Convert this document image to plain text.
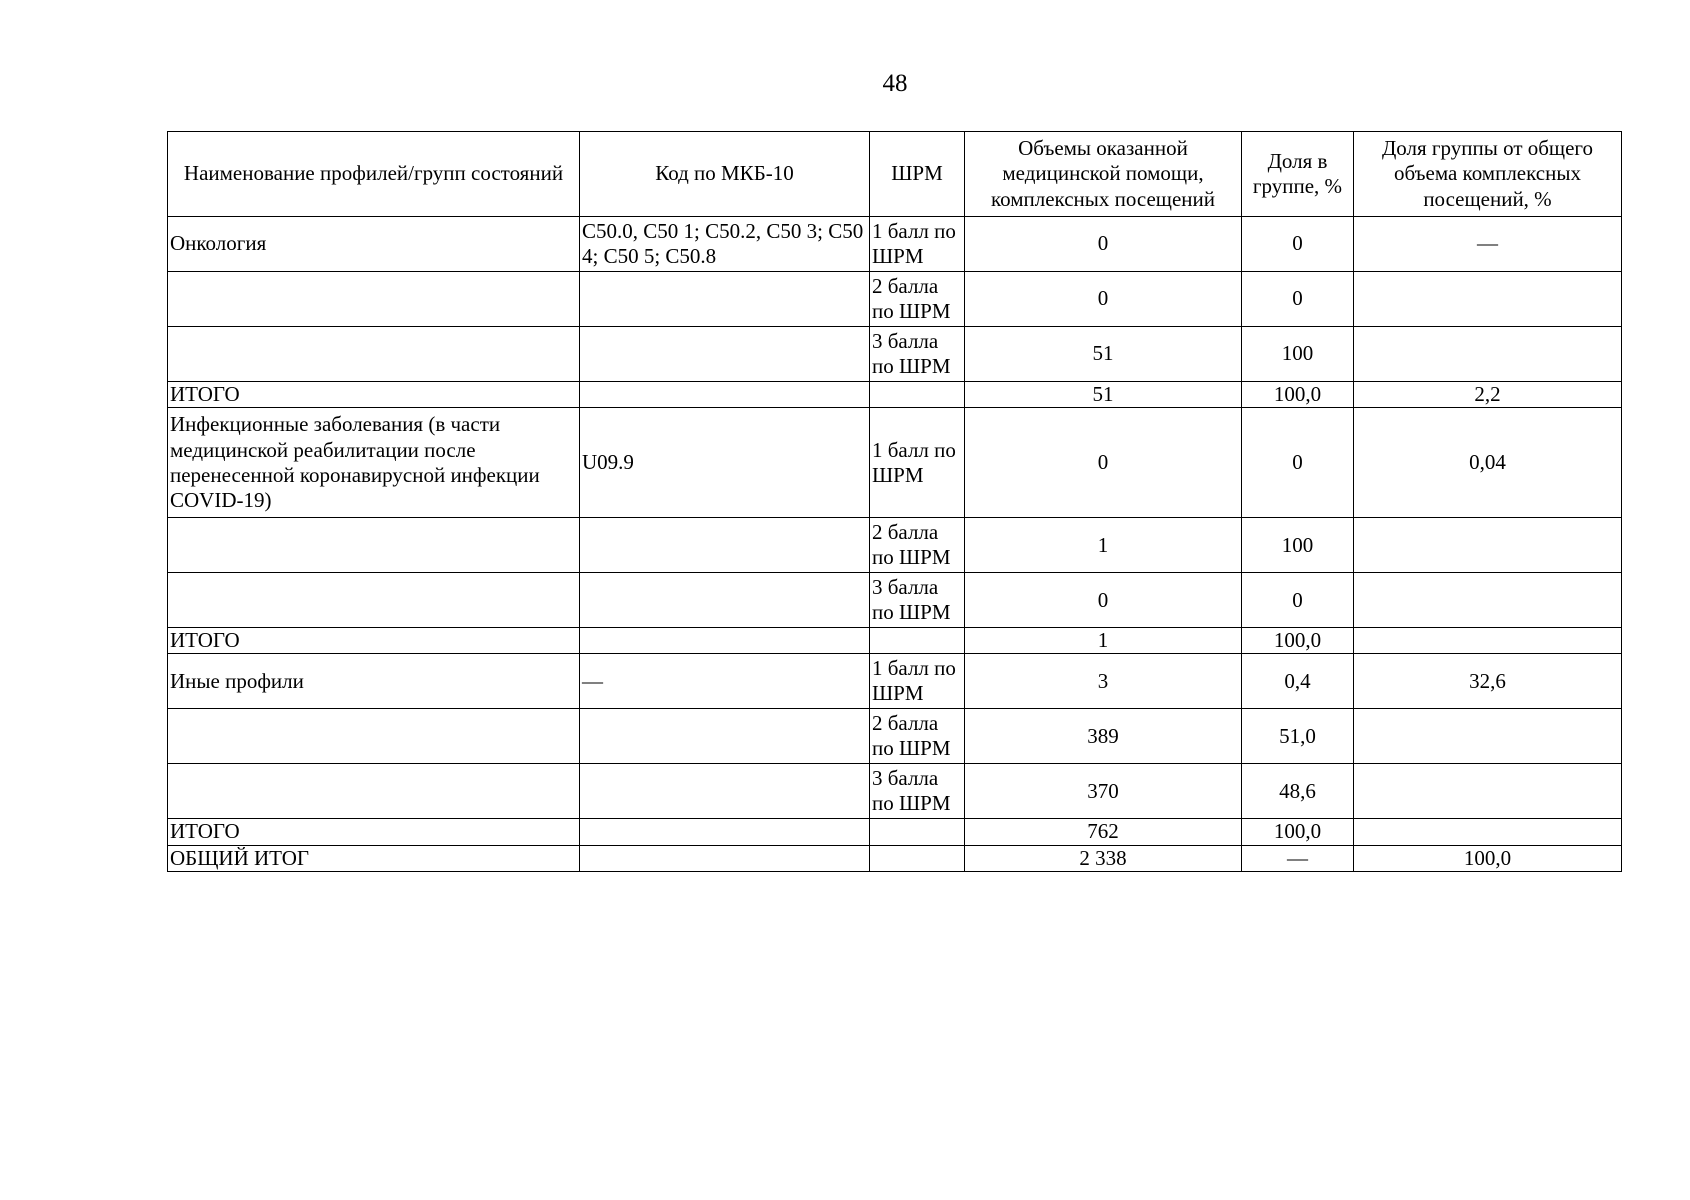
48
Наименование профилей/групп состояний	Код по МКБ-10	ШРМ	Объемы оказанной медицинской помощи, комплексных посещений	Доля в группе, %	Доля группы от общего объема комплексных посещений, %
Онкология	С50.0, С50 1; С50.2, С50 3; С50 4; С50 5; С50.8	1 балл по ШРМ	0	0	—
		2 балла по ШРМ	0	0	
		3 балла по ШРМ	51	100	
ИТОГО			51	100,0	2,2
Инфекционные заболевания (в части медицинской реабилитации после перенесенной коронавирусной инфекции COVID-19)	U09.9	1 балл по ШРМ	0	0	0,04
		2 балла по ШРМ	1	100	
		3 балла по ШРМ	0	0	
ИТОГО			1	100,0	
Иные профили	—	1 балл по ШРМ	3	0,4	32,6
		2 балла по ШРМ	389	51,0	
		3 балла по ШРМ	370	48,6	
ИТОГО			762	100,0	
ОБЩИЙ ИТОГ			2 338	—	100,0
